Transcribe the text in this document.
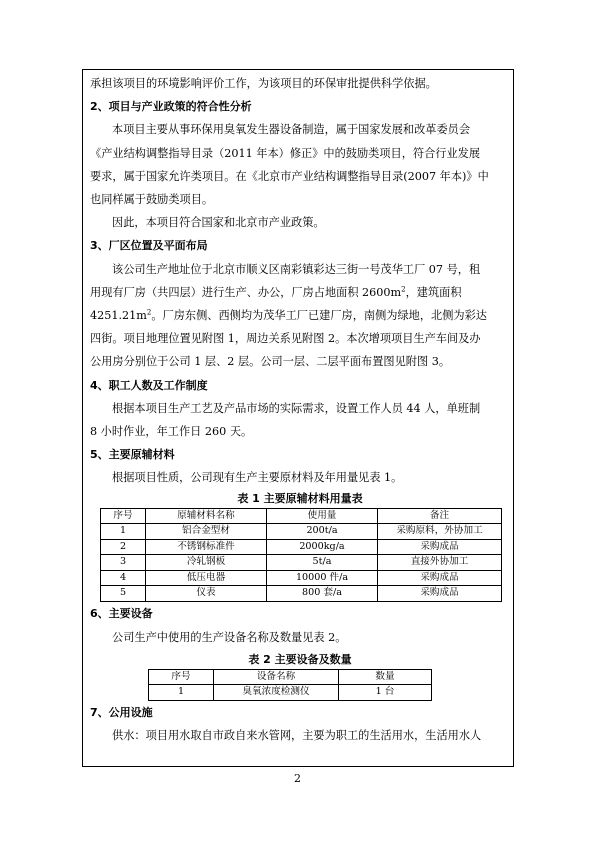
承担该项目的环境影响评价工作，为该项目的环保审批提供科学依据。

2、项目与产业政策的符合性分析

本项目主要从事环保用臭氧发生器设备制造，属于国家发展和改革委员会

《产业结构调整指导目录（2011 年本）修正》中的鼓励类项目，符合行业发展

要求，属于国家允许类项目。在《北京市产业结构调整指导目录(2007 年本)》中

也同样属于鼓励类项目。

因此，本项目符合国家和北京市产业政策。

3、厂区位置及平面布局

该公司生产地址位于北京市顺义区南彩镇彩达三街一号茂华工厂 07 号，租

用现有厂房（共四层）进行生产、办公，厂房占地面积 $2600m^2$，建筑面积

$4251.21m^2$。厂房东侧、西侧均为茂华工厂已建厂房，南侧为绿地，北侧为彩达

四街。项目地理位置见附图 1，周边关系见附图 2。本次增项项目生产车间及办

公用房分别位于公司 1 层、2 层。公司一层、二层平面布置图见附图 3。

4、职工人数及工作制度

根据本项目生产工艺及产品市场的实际需求，设置工作人员 44 人，单班制

8 小时作业，年工作日 260 天。

5、主要原辅材料

根据项目性质，公司现有生产主要原材料及年用量见表 1。

表 1 主要原辅材料用量表

序号	原辅材料名称	使用量	备注
1	铝合金型材	200t/a	采购原料，外协加工
2	不锈钢标准件	2000kg/a	采购成品
3	冷轧钢板	5t/a	直接外协加工
4	低压电器	10000 件/a	采购成品
5	仪表	800 套/a	采购成品

6、主要设备

公司生产中使用的生产设备名称及数量见表 2。

表 2 主要设备及数量

序号	设备名称	数量
1	臭氧浓度检测仪	1 台

7、公用设施

供水：项目用水取自市政自来水管网，主要为职工的生活用水，生活用水人

2
